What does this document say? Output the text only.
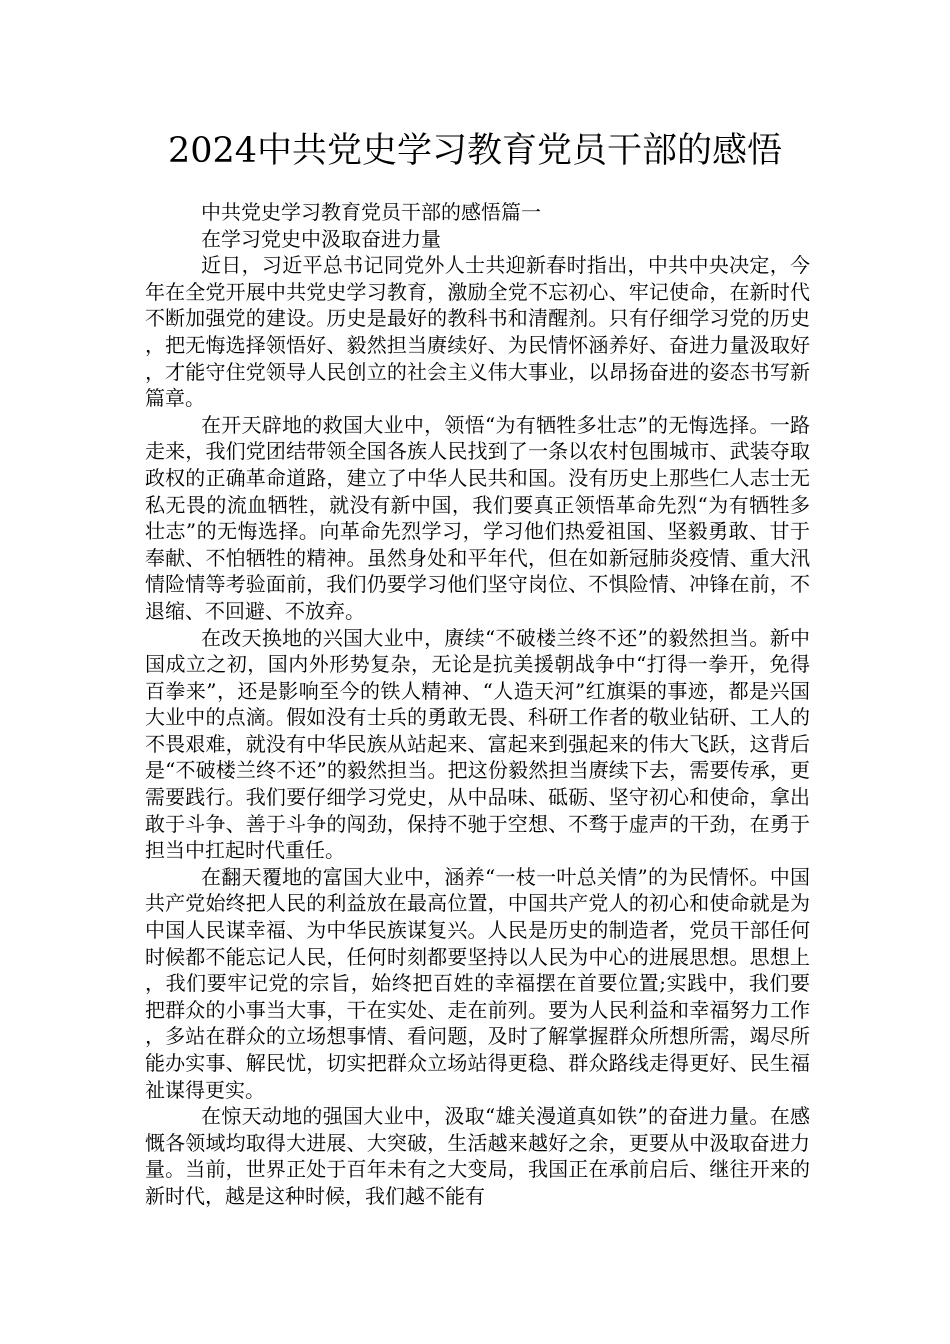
2024中共党史学习教育党员干部的感悟

中共党史学习教育党员干部的感悟篇一

在学习党史中汲取奋进力量

近日，习近平总书记同党外人士共迎新春时指出，中共中央决定，今年在全党开展中共党史学习教育，激励全党不忘初心、牢记使命，在新时代不断加强党的建设。历史是最好的教科书和清醒剂。只有仔细学习党的历史，把无悔选择领悟好、毅然担当赓续好、为民情怀涵养好、奋进力量汲取好，才能守住党领导人民创立的社会主义伟大事业，以昂扬奋进的姿态书写新篇章。

在开天辟地的救国大业中，领悟“为有牺牲多壮志”的无悔选择。一路走来，我们党团结带领全国各族人民找到了一条以农村包围城市、武装夺取政权的正确革命道路，建立了中华人民共和国。没有历史上那些仁人志士无私无畏的流血牺牲，就没有新中国，我们要真正领悟革命先烈“为有牺牲多壮志”的无悔选择。向革命先烈学习，学习他们热爱祖国、坚毅勇敢、甘于奉献、不怕牺牲的精神。虽然身处和平年代，但在如新冠肺炎疫情、重大汛情险情等考验面前，我们仍要学习他们坚守岗位、不惧险情、冲锋在前，不退缩、不回避、不放弃。

在改天换地的兴国大业中，赓续“不破楼兰终不还”的毅然担当。新中国成立之初，国内外形势复杂，无论是抗美援朝战争中“打得一拳开，免得百拳来”，还是影响至今的铁人精神、“人造天河”红旗渠的事迹，都是兴国大业中的点滴。假如没有士兵的勇敢无畏、科研工作者的敬业钻研、工人的不畏艰难，就没有中华民族从站起来、富起来到强起来的伟大飞跃，这背后是“不破楼兰终不还”的毅然担当。把这份毅然担当赓续下去，需要传承，更需要践行。我们要仔细学习党史，从中品味、砥砺、坚守初心和使命，拿出敢于斗争、善于斗争的闯劲，保持不驰于空想、不骛于虚声的干劲，在勇于担当中扛起时代重任。

在翻天覆地的富国大业中，涵养“一枝一叶总关情”的为民情怀。中国共产党始终把人民的利益放在最高位置，中国共产党人的初心和使命就是为中国人民谋幸福、为中华民族谋复兴。人民是历史的制造者，党员干部任何时候都不能忘记人民，任何时刻都要坚持以人民为中心的进展思想。思想上，我们要牢记党的宗旨，始终把百姓的幸福摆在首要位置;实践中，我们要把群众的小事当大事，干在实处、走在前列。要为人民利益和幸福努力工作，多站在群众的立场想事情、看问题，及时了解掌握群众所想所需，竭尽所能办实事、解民忧，切实把群众立场站得更稳、群众路线走得更好、民生福祉谋得更实。

在惊天动地的强国大业中，汲取“雄关漫道真如铁”的奋进力量。在感慨各领域均取得大进展、大突破，生活越来越好之余，更要从中汲取奋进力量。当前，世界正处于百年未有之大变局，我国正在承前启后、继往开来的新时代，越是这种时候，我们越不能有
